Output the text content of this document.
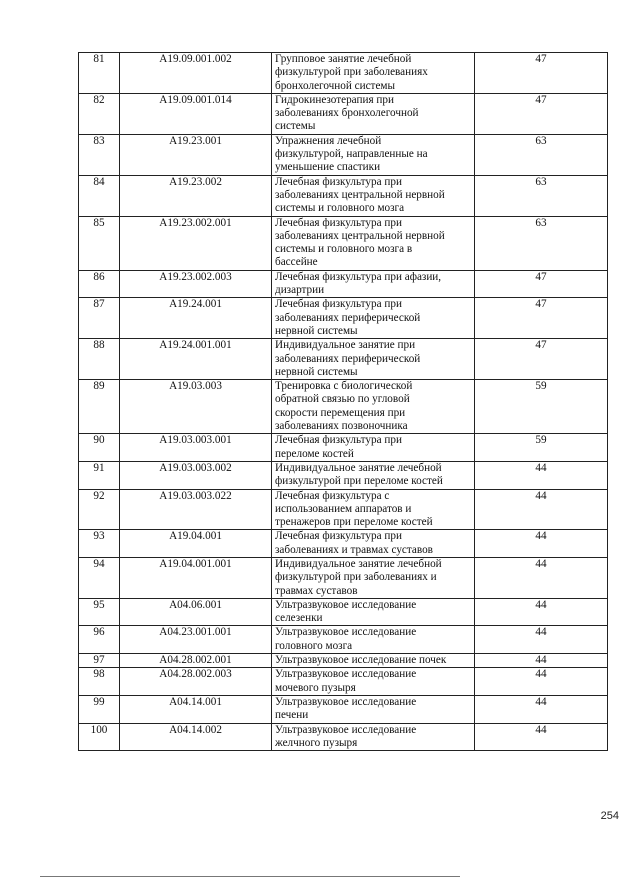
81	A19.09.001.002	Групповое занятие лечебной
физкультурой при заболеваниях
бронхолегочной системы	47
82	A19.09.001.014	Гидрокинезотерапия при
заболеваниях бронхолегочной
системы	47
83	A19.23.001	Упражнения лечебной
физкультурой, направленные на
уменьшение спастики	63
84	A19.23.002	Лечебная физкультура при
заболеваниях центральной нервной
системы и головного мозга	63
85	A19.23.002.001	Лечебная физкультура при
заболеваниях центральной нервной
системы и головного мозга в
бассейне	63
86	A19.23.002.003	Лечебная физкультура при афазии,
дизартрии	47
87	A19.24.001	Лечебная физкультура при
заболеваниях периферической
нервной системы	47
88	A19.24.001.001	Индивидуальное занятие при
заболеваниях периферической
нервной системы	47
89	A19.03.003	Тренировка с биологической
обратной связью по угловой
скорости перемещения при
заболеваниях позвоночника	59
90	A19.03.003.001	Лечебная физкультура при
переломе костей	59
91	A19.03.003.002	Индивидуальное занятие лечебной
физкультурой при переломе костей	44
92	A19.03.003.022	Лечебная физкультура с
использованием аппаратов и
тренажеров при переломе костей	44
93	A19.04.001	Лечебная физкультура при
заболеваниях и травмах суставов	44
94	A19.04.001.001	Индивидуальное занятие лечебной
физкультурой при заболеваниях и
травмах суставов	44
95	A04.06.001	Ультразвуковое исследование
селезенки	44
96	A04.23.001.001	Ультразвуковое исследование
головного мозга	44
97	A04.28.002.001	Ультразвуковое исследование почек	44
98	A04.28.002.003	Ультразвуковое исследование
мочевого пузыря	44
99	A04.14.001	Ультразвуковое исследование
печени	44
100	A04.14.002	Ультразвуковое исследование
желчного пузыря	44
254
